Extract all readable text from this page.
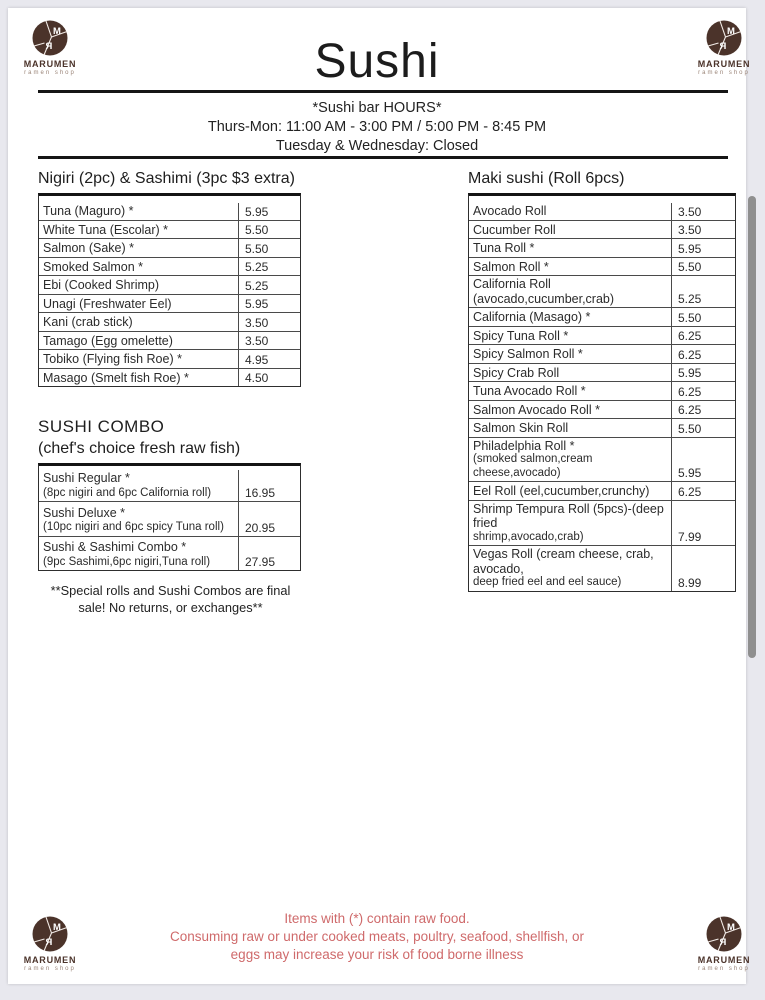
M
Я
MARUMEN
ramen shop
M
Я
MARUMEN
ramen shop
M
Я
MARUMEN
ramen shop
M
Я
MARUMEN
ramen shop
Sushi
*Sushi bar HOURS*
Thurs-Mon: 11:00 AM - 3:00 PM / 5:00 PM - 8:45 PM
Tuesday & Wednesday: Closed
Nigiri (2pc) & Sashimi (3pc $3 extra)
Tuna (Maguro) *	5.95
White Tuna (Escolar) *	5.50
Salmon (Sake) *	5.50
Smoked Salmon *	5.25
Ebi (Cooked Shrimp)	5.25
Unagi (Freshwater Eel)	5.95
Kani (crab stick)	3.50
Tamago (Egg omelette)	3.50
Tobiko (Flying fish Roe) *	4.95
Masago (Smelt fish Roe) *	4.50
SUSHI COMBO
(chef's choice fresh raw fish)
Sushi Regular *
(8pc nigiri and 6pc California roll)	16.95
Sushi Deluxe *
(10pc nigiri and 6pc spicy Tuna roll)	20.95
Sushi & Sashimi Combo *
(9pc Sashimi,6pc nigiri,Tuna roll)	27.95
**Special rolls and Sushi Combos are final
sale! No returns, or exchanges**
Maki sushi (Roll 6pcs)
Avocado Roll	3.50
Cucumber Roll	3.50
Tuna Roll *	5.95
Salmon Roll *	5.50
California Roll (avocado,cucumber,crab)	5.25
California (Masago) *	5.50
Spicy Tuna Roll *	6.25
Spicy Salmon Roll *	6.25
Spicy Crab Roll	5.95
Tuna Avocado Roll *	6.25
Salmon Avocado Roll *	6.25
Salmon Skin Roll	5.50
Philadelphia Roll *
(smoked salmon,cream cheese,avocado)	5.95
Eel Roll (eel,cucumber,crunchy)	6.25
Shrimp Tempura Roll (5pcs)-(deep fried
shrimp,avocado,crab)	7.99
Vegas Roll (cream cheese, crab, avocado,
deep fried eel and eel sauce)	8.99
Items with (*) contain raw food.
Consuming raw or under cooked meats, poultry, seafood, shellfish, or
eggs may increase your risk of food borne illness
